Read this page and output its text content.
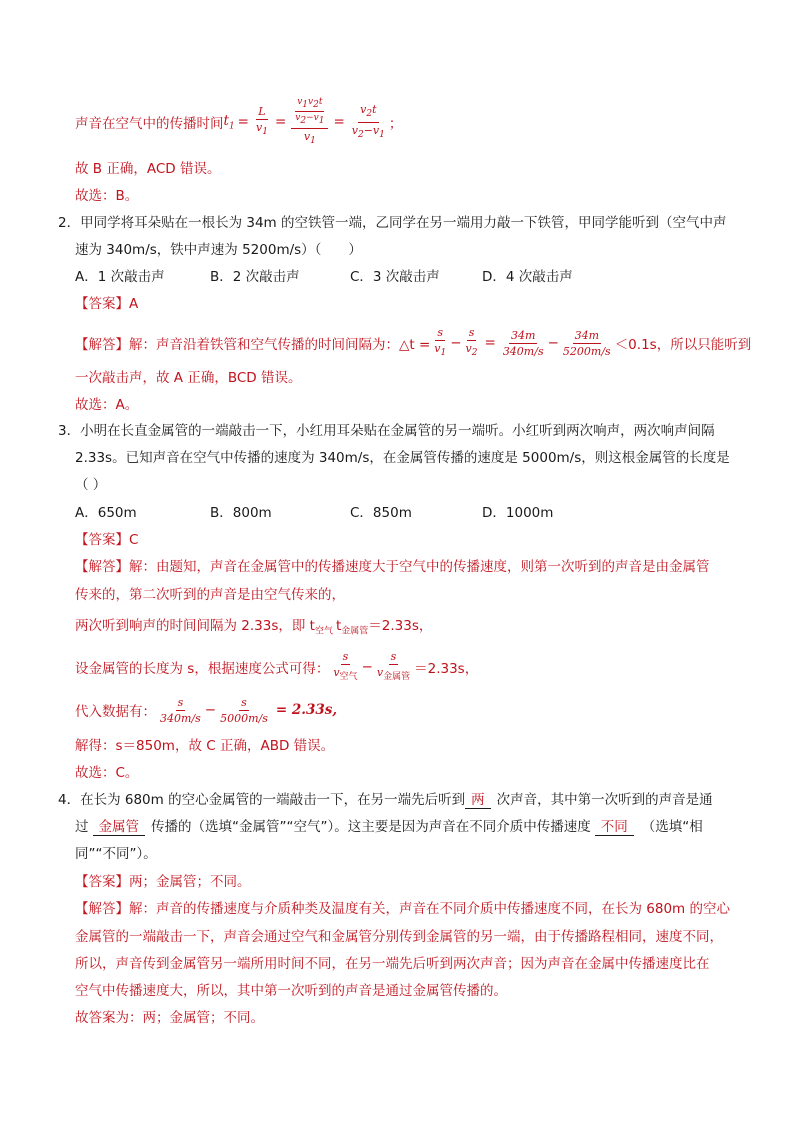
声音在空气中的传播时间 $t_1 = \frac{L}{v_1} = \frac{\frac{v_1v_2t}{v_2-v_1}}{v_1} = \frac{v_2t}{v_2-v_1}$ ；
故 B 正确，ACD 错误。
故选：B。
2．甲同学将耳朵贴在一根长为 34m 的空铁管一端，乙同学在另一端用力敲一下铁管，甲同学能听到（空气中声
速为 340m/s，铁中声速为 5200m/s）（　　）
A．1 次敲击声	B．2 次敲击声	C．3 次敲击声	D．4 次敲击声
【答案】A
【解答】 解：声音沿着铁管和空气传播的时间间隔为：△t = $\frac{s}{v_1} - \frac{s}{v_2} = \frac{34m}{340m/s} - \frac{34m}{5200m/s} <0.1s$，所以只能听到
一次敲击声，故 A 正确，BCD 错误。
故选：A。
3．小明在长直金属管的一端敲击一下，小红用耳朵贴在金属管的另一端听。小红听到两次响声，两次响声间隔
2.33s。已知声音在空气中传播的速度为 340m/s，在金属管传播的速度是 5000m/s，则这根金属管的长度是
（ ）
A．650m	B．800m	C．850m	D．1000m
【答案】C
【解答】解：由题知，声音在金属管中的传播速度大于空气中的传播速度，则第一次听到的声音是由金属管
传来的，第二次听到的声音是由空气传来的，
两次听到响声的时间间隔为 2.33s，即 $t_{空气}$ $t_{金属管}=2.33s$，
设金属管的长度为 s，根据速度公式可得： $\frac{s}{v_{空气}} - \frac{s}{v_{金属管}} =2.33s$，
代入数据有： $\frac{s}{340m/s} - \frac{s}{5000m/s} = 2.33s$,
解得：s＝850m，故 C 正确，ABD 错误。
故选：C。
4．在长为 680m 的空心金属管的一端敲击一下，在另一端先后听到 两 次声音，其中第一次听到的声音是通
过 金属管 传播的（选填“金属管”“空气”）。这主要是因为声音在不同介质中传播速度 不同 （选填“相
同”“不同”）。
【答案】两；金属管；不同。
【解答】解：声音的传播速度与介质种类及温度有关，声音在不同介质中传播速度不同，在长为 680m 的空心
金属管的一端敲击一下，声音会通过空气和金属管分别传到金属管的另一端，由于传播路程相同，速度不同，
所以，声音传到金属管另一端所用时间不同，在另一端先后听到两次声音；因为声音在金属中传播速度比在
空气中传播速度大，所以，其中第一次听到的声音是通过金属管传播的。
故答案为：两；金属管；不同。
